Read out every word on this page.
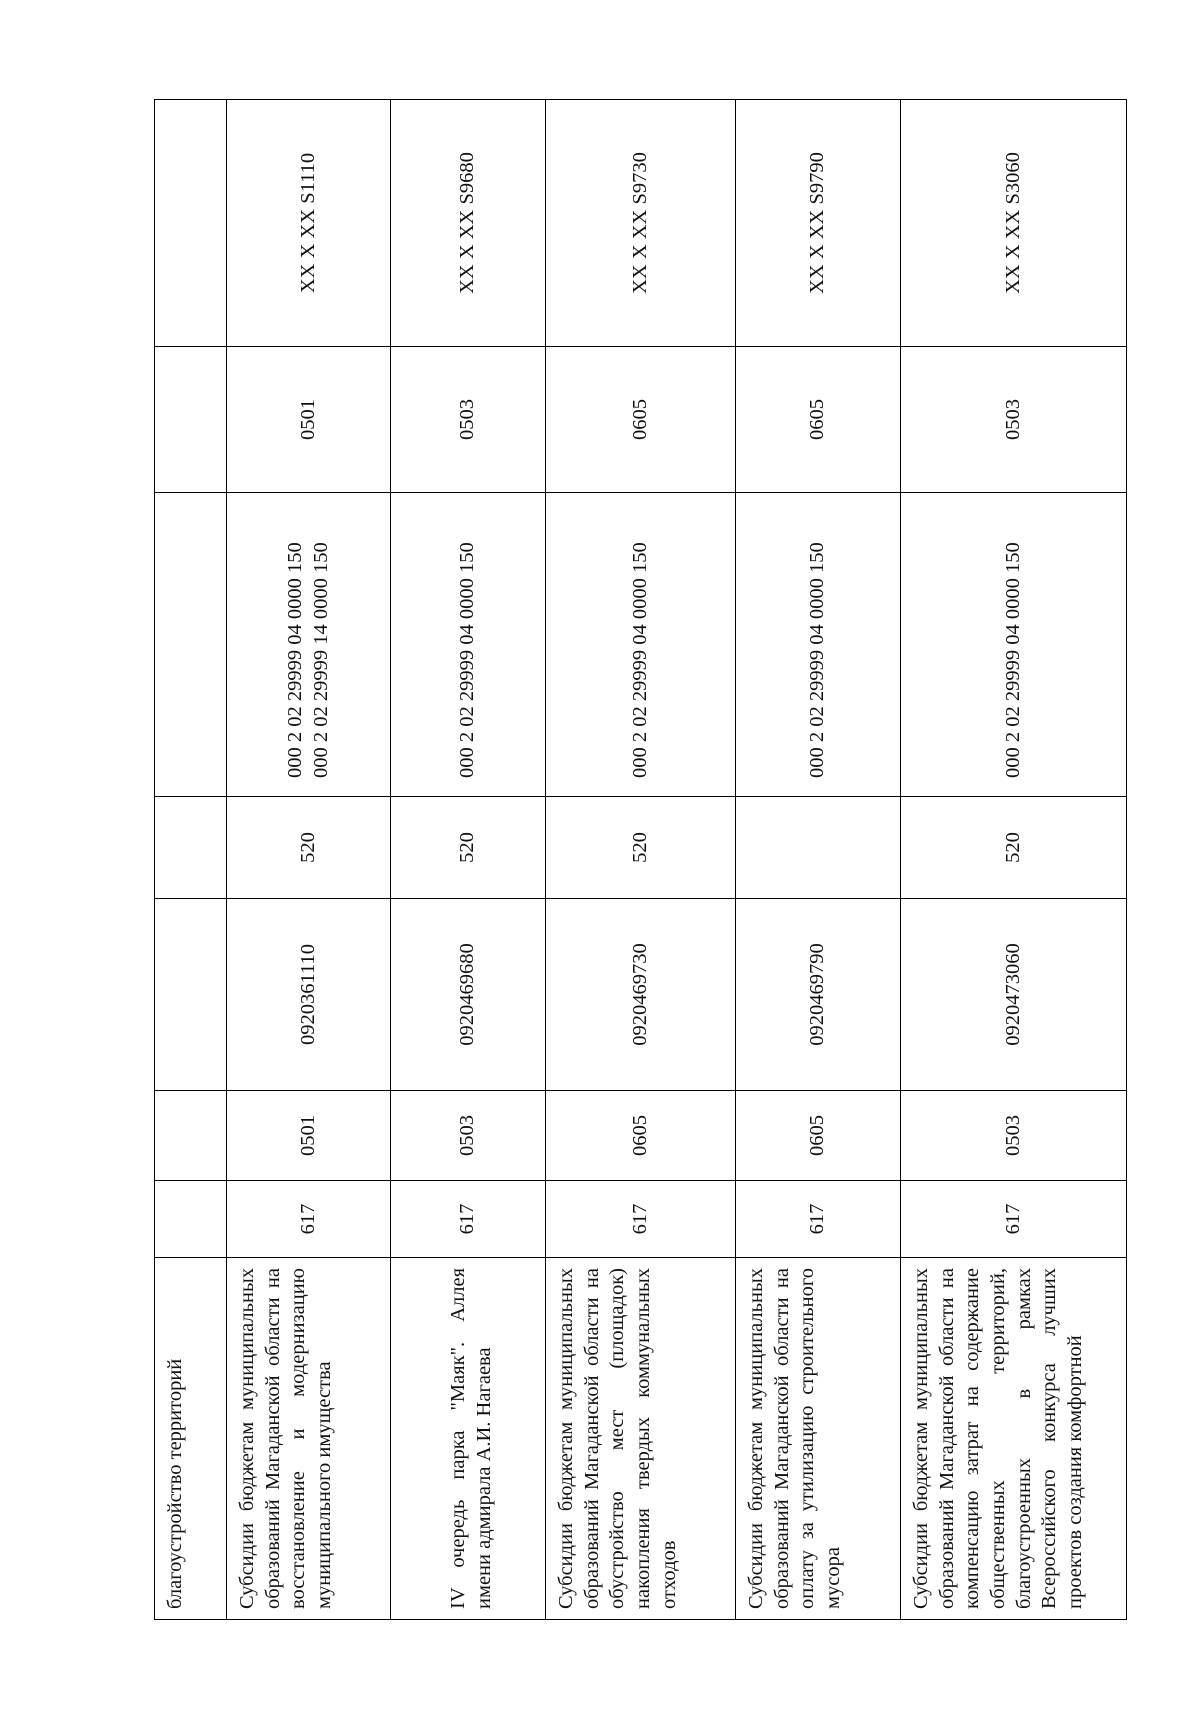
благоустройство территорий							
Субсидии бюджетам муниципальных образований Магаданской области на восстановление и модернизацию муниципального имущества	617	0501	0920361110	520	000 2 02 29999 04 0000 150
000 2 02 29999 14 0000 150	0501	XX X XX S1110
IV очередь парка "Маяк". Аллея имени адмирала А.И. Нагаева	617	0503	0920469680	520	000 2 02 29999 04 0000 150	0503	XX X XX S9680
Субсидии бюджетам муниципальных образований Магаданской области на обустройство мест (площадок) накопления твердых коммунальных отходов	617	0605	0920469730	520	000 2 02 29999 04 0000 150	0605	XX X XX S9730
Субсидии бюджетам муниципальных образований Магаданской области на оплату за утилизацию строительного мусора	617	0605	0920469790		000 2 02 29999 04 0000 150	0605	XX X XX S9790
Субсидии бюджетам муниципальных образований Магаданской области на компенсацию затрат на содержание общественных территорий, благоустроенных в рамках Всероссийского конкурса лучших проектов создания комфортной	617	0503	0920473060	520	000 2 02 29999 04 0000 150	0503	XX X XX S3060
